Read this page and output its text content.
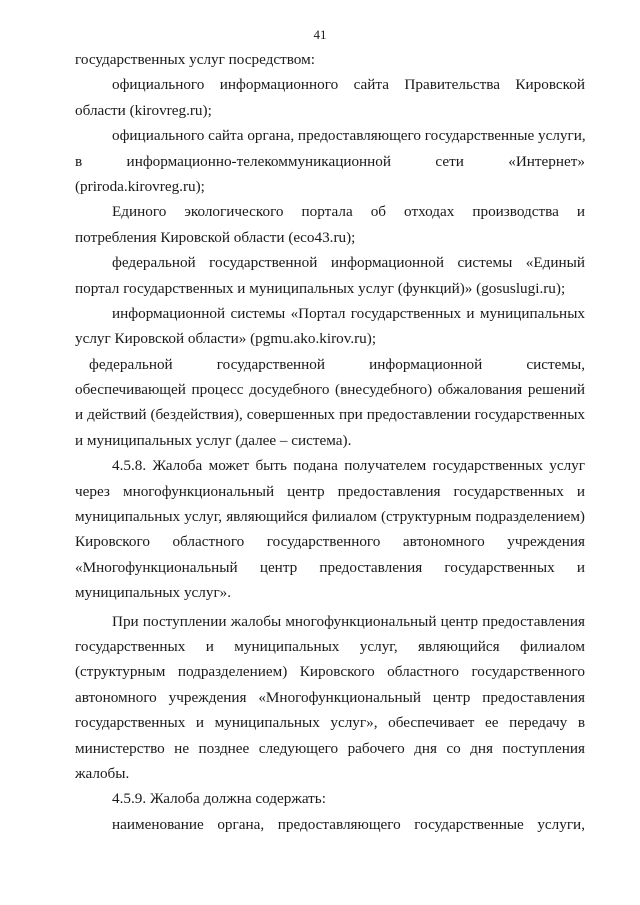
41
государственных услуг посредством:
официального информационного сайта Правительства Кировской
области (kirovreg.ru);
официального сайта органа, предоставляющего государственные услуги,
в информационно-телекоммуникационной сети «Интернет»
(priroda.kirovreg.ru);
Единого экологического портала об отходах производства и
потребления Кировской области (eco43.ru);
федеральной государственной информационной системы «Единый
портал государственных и муниципальных услуг (функций)» (gosuslugi.ru);
информационной системы «Портал государственных и муниципальных
услуг Кировской области» (pgmu.ako.kirov.ru);
федеральной государственной информационной системы,
обеспечивающей процесс досудебного (внесудебного) обжалования решений
и действий (бездействия), совершенных при предоставлении государственных
и муниципальных услуг (далее – система).
4.5.8. Жалоба может быть подана получателем государственных услуг
через многофункциональный центр предоставления государственных и
муниципальных услуг, являющийся филиалом (структурным подразделением)
Кировского областного государственного автономного учреждения
«Многофункциональный центр предоставления государственных и
муниципальных услуг».
При поступлении жалобы многофункциональный центр предоставления
государственных и муниципальных услуг, являющийся филиалом
(структурным подразделением) Кировского областного государственного
автономного учреждения «Многофункциональный центр предоставления
государственных и муниципальных услуг», обеспечивает ее передачу в
министерство не позднее следующего рабочего дня со дня поступления
жалобы.
4.5.9. Жалоба должна содержать:
наименование органа, предоставляющего государственные услуги,
